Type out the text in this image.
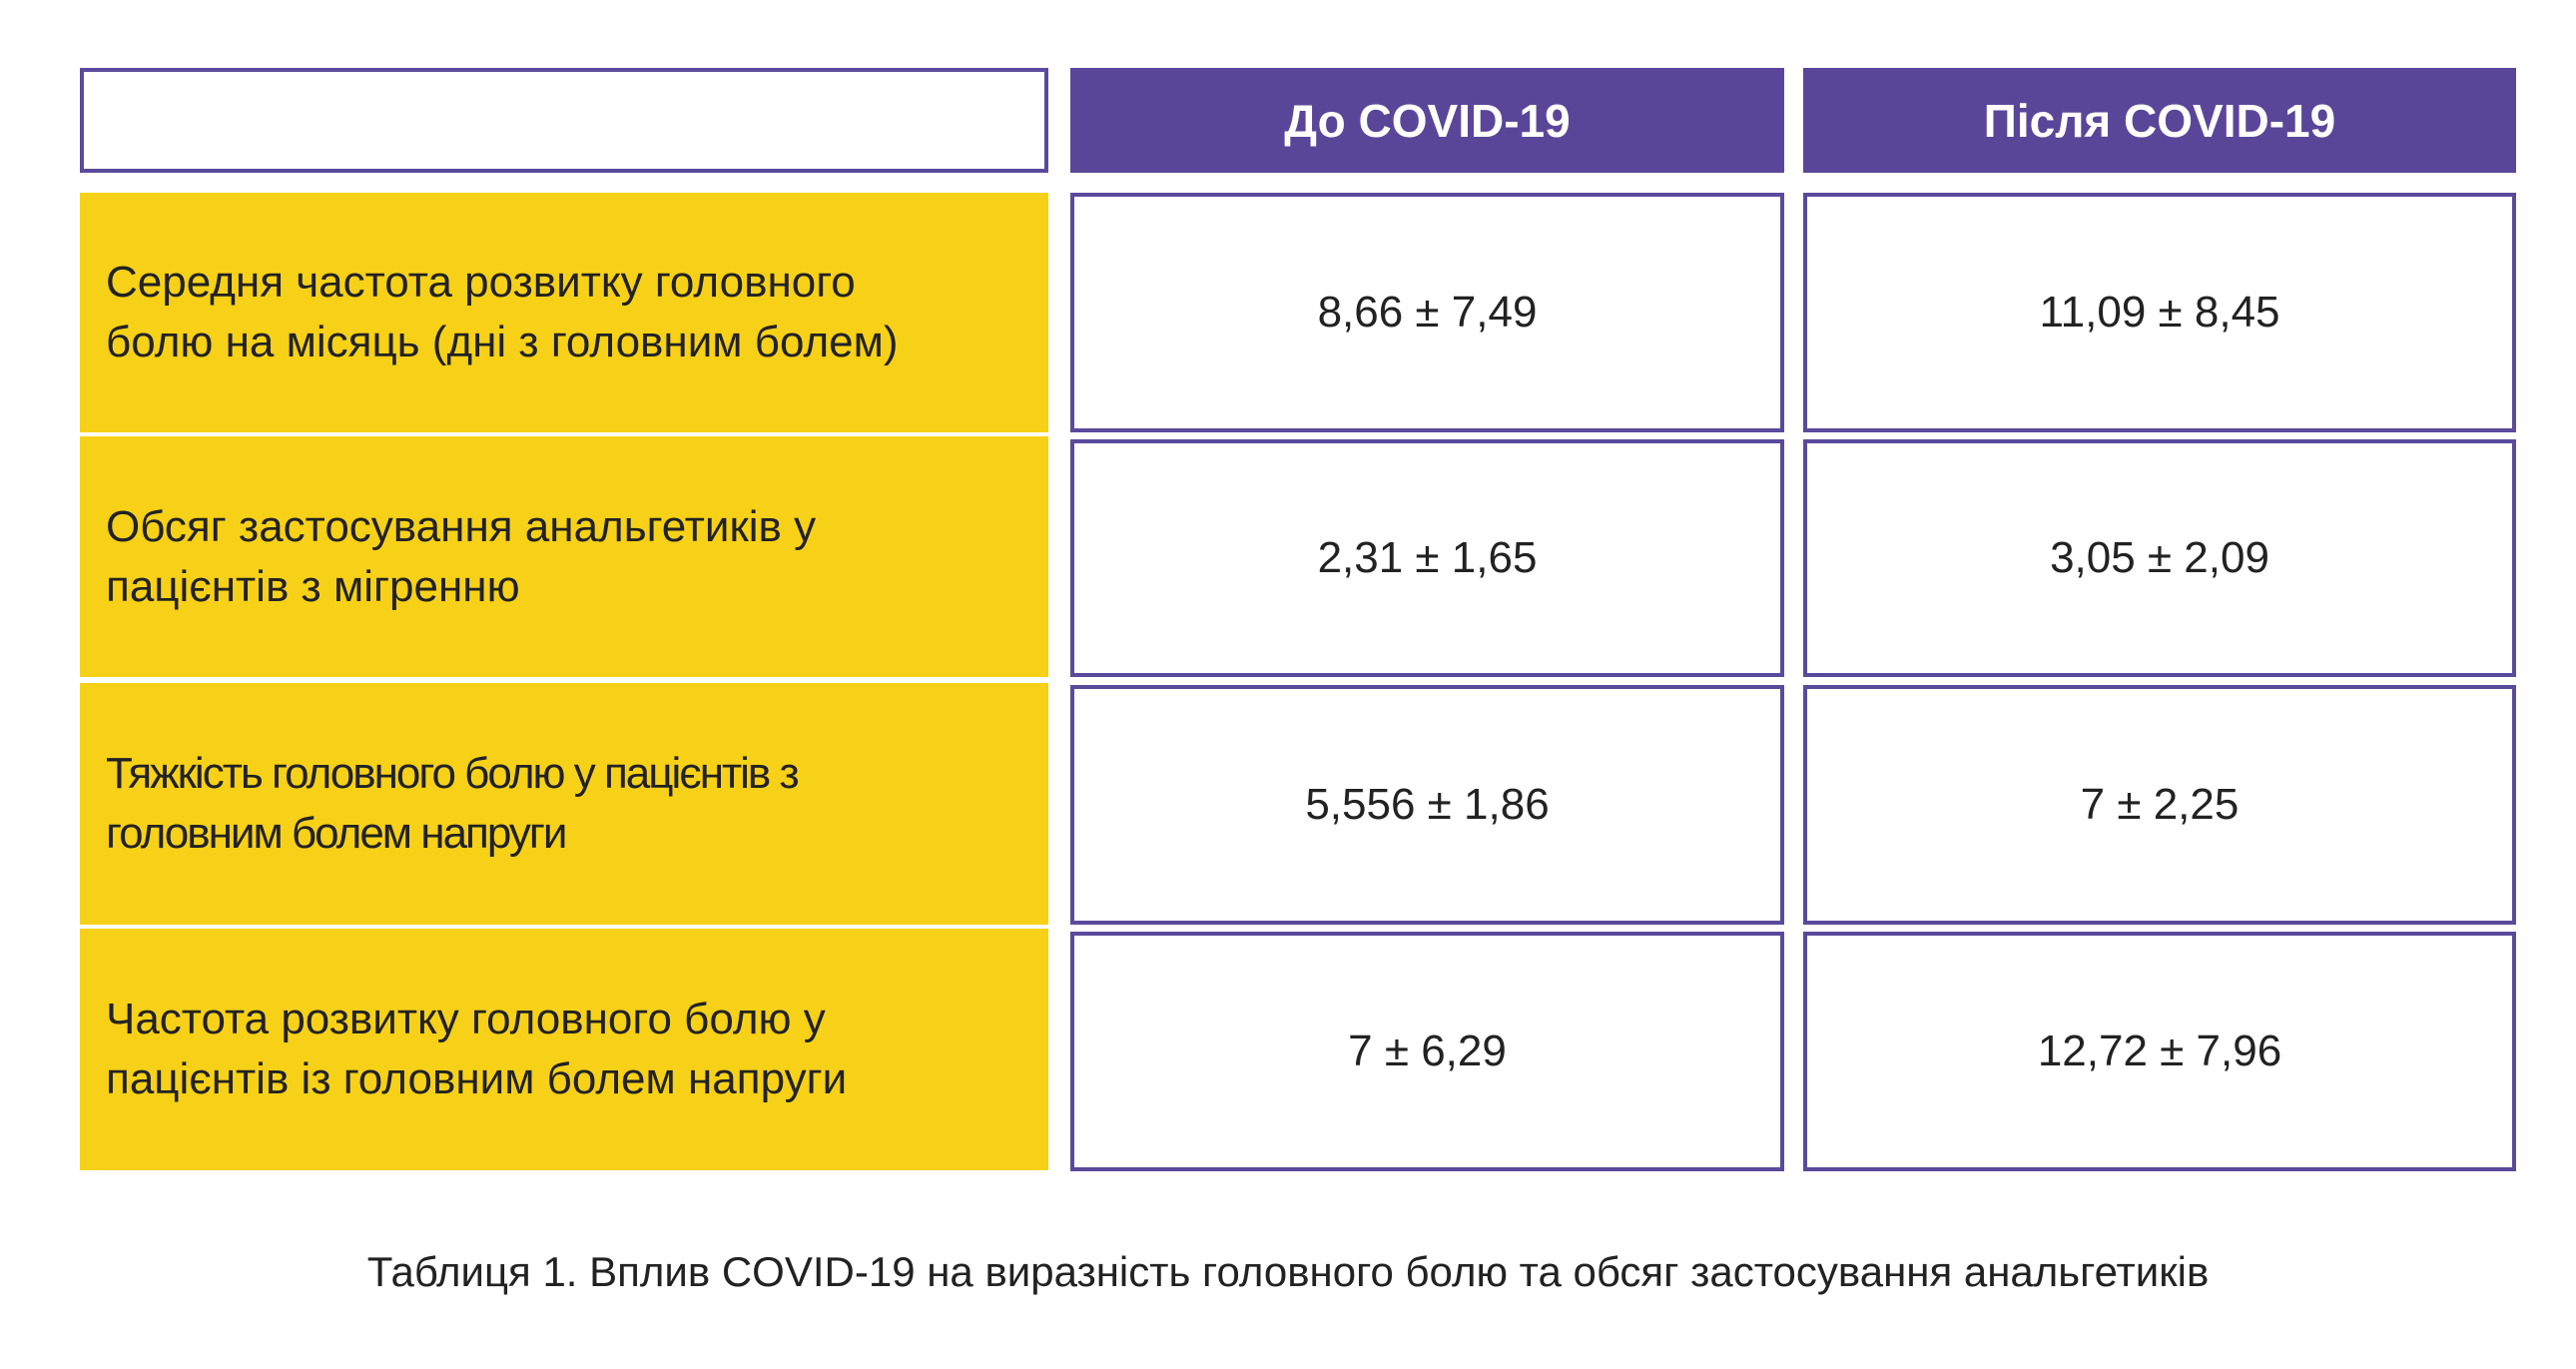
До COVID-19	Після COVID-19
Середня частота розвитку головного
болю на місяць (дні з головним болем)
8,66 ± 7,49	11,09 ± 8,45
Обсяг застосування анальгетиків у
пацієнтів з мігренню
2,31 ± 1,65	3,05 ± 2,09
Тяжкість головного болю у пацієнтів з
головним болем напруги
5,556 ± 1,86	7 ± 2,25
Частота розвитку головного болю у
пацієнтів із головним болем напруги
7 ± 6,29	12,72 ± 7,96
Таблиця 1. Вплив COVID-19 на виразність головного болю та обсяг застосування анальгетиків
